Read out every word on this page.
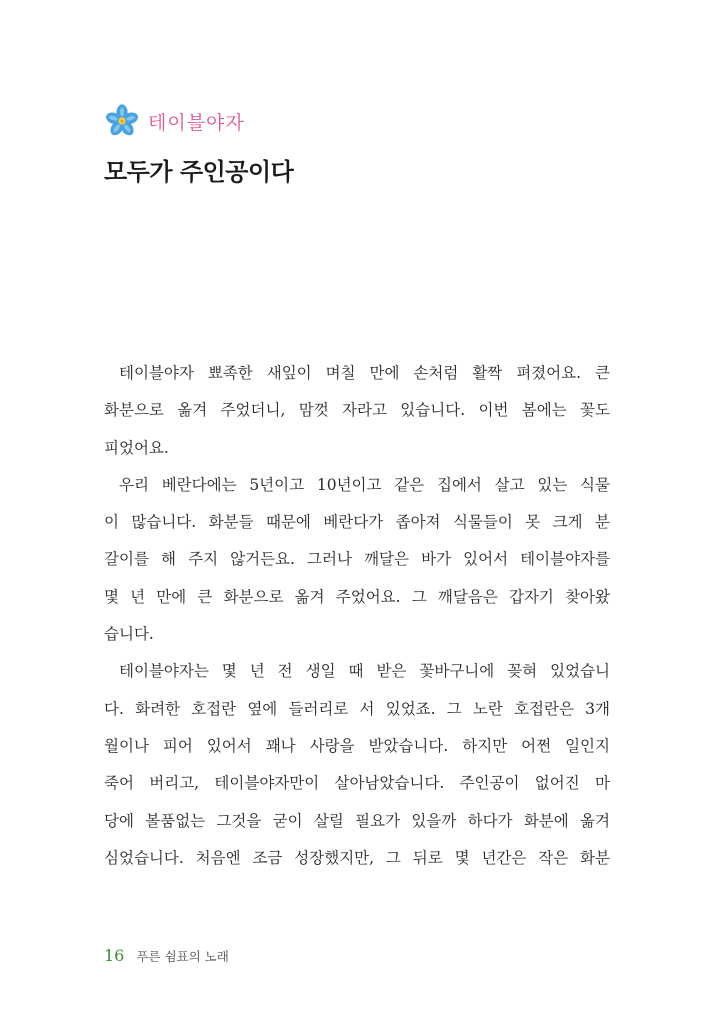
테이블야자
모두가 주인공이다
테이블야자 뾰족한 새잎이 며칠 만에 손처럼 활짝 펴졌어요. 큰
화분으로 옮겨 주었더니, 맘껏 자라고 있습니다. 이번 봄에는 꽃도
피었어요.
우리 베란다에는 5년이고 10년이고 같은 집에서 살고 있는 식물
이 많습니다. 화분들 때문에 베란다가 좁아져 식물들이 못 크게 분
갈이를 해 주지 않거든요. 그러나 깨달은 바가 있어서 테이블야자를
몇 년 만에 큰 화분으로 옮겨 주었어요. 그 깨달음은 갑자기 찾아왔
습니다.
테이블야자는 몇 년 전 생일 때 받은 꽃바구니에 꽂혀 있었습니
다. 화려한 호접란 옆에 들러리로 서 있었죠. 그 노란 호접란은 3개
월이나 피어 있어서 꽤나 사랑을 받았습니다. 하지만 어쩐 일인지
죽어 버리고, 테이블야자만이 살아남았습니다. 주인공이 없어진 마
당에 볼품없는 그것을 굳이 살릴 필요가 있을까 하다가 화분에 옮겨
심었습니다. 처음엔 조금 성장했지만, 그 뒤로 몇 년간은 작은 화분
16 푸른 쉼표의 노래
